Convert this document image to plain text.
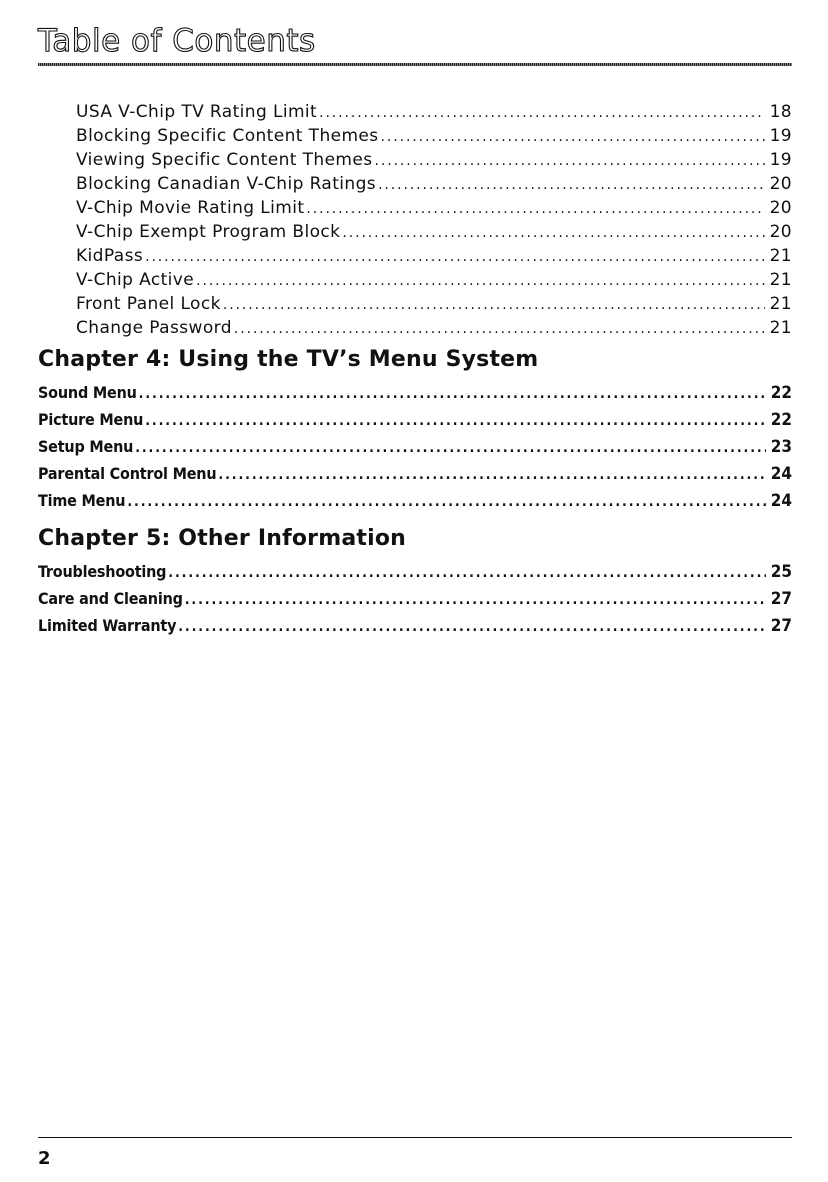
Table of Contents
USA V-Chip TV Rating Limit .....	18
Blocking Specific Content Themes .....	19
Viewing Specific Content Themes .....	19
Blocking Canadian V-Chip Ratings .....	20
V-Chip Movie Rating Limit .....	20
V-Chip Exempt Program Block .....	20
KidPass .....	21
V-Chip Active .....	21
Front Panel Lock .....	21
Change Password .....	21
Chapter 4: Using the TV’s Menu System
Sound Menu .....	22
Picture Menu .....	22
Setup Menu .....	23
Parental Control Menu .....	24
Time Menu .....	24
Chapter 5: Other Information
Troubleshooting .....	25
Care and Cleaning .....	27
Limited Warranty .....	27
2
